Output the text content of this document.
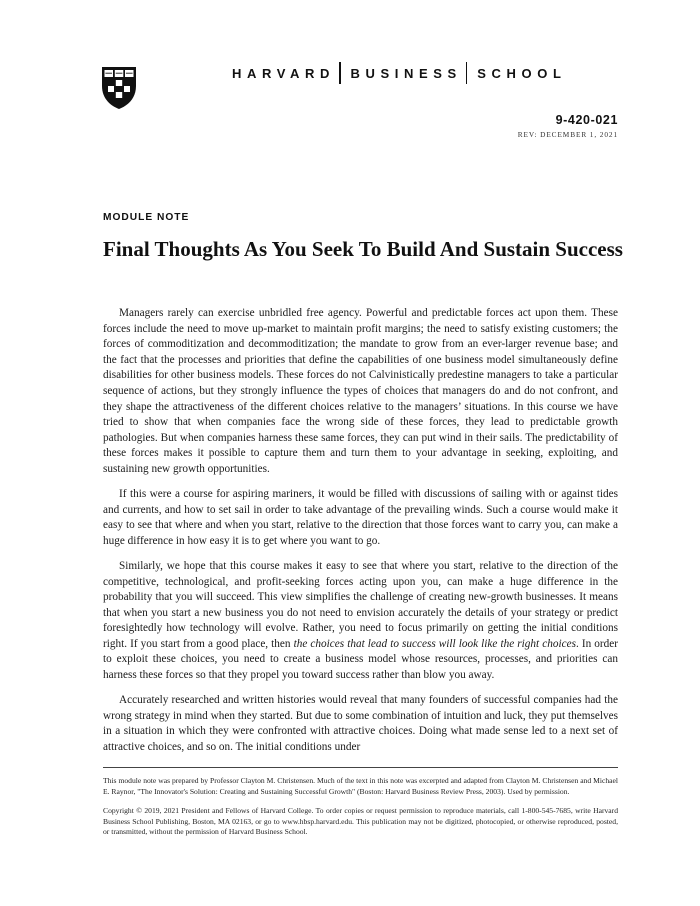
HARVARD BUSINESS SCHOOL
9-420-021
REV: DECEMBER 1, 2021
MODULE NOTE
Final Thoughts As You Seek To Build And Sustain Success

Managers rarely can exercise unbridled free agency. Powerful and predictable forces act upon them. These forces include the need to move up-market to maintain profit margins; the need to satisfy existing customers; the forces of commoditization and decommoditization; the mandate to grow from an ever-larger revenue base; and the fact that the processes and priorities that define the capabilities of one business model simultaneously define disabilities for other business models. These forces do not Calvinistically predestine managers to take a particular sequence of actions, but they strongly influence the types of choices that managers do and do not confront, and they shape the attractiveness of the different choices relative to the managers’ situations. In this course we have tried to show that when companies face the wrong side of these forces, they lead to predictable growth pathologies. But when companies harness these same forces, they can put wind in their sails. The predictability of these forces makes it possible to capture them and turn them to your advantage in seeking, exploiting, and sustaining new growth opportunities.

If this were a course for aspiring mariners, it would be filled with discussions of sailing with or against tides and currents, and how to set sail in order to take advantage of the prevailing winds. Such a course would make it easy to see that where and when you start, relative to the direction that those forces want to carry you, can make a huge difference in how easy it is to get where you want to go.

Similarly, we hope that this course makes it easy to see that where you start, relative to the direction of the competitive, technological, and profit-seeking forces acting upon you, can make a huge difference in the probability that you will succeed. This view simplifies the challenge of creating new-growth businesses. It means that when you start a new business you do not need to envision accurately the details of your strategy or predict foresightedly how technology will evolve. Rather, you need to focus primarily on getting the initial conditions right. If you start from a good place, then the choices that lead to success will look like the right choices. In order to exploit these choices, you need to create a business model whose resources, processes, and priorities can harness these forces so that they propel you toward success rather than blow you away.

Accurately researched and written histories would reveal that many founders of successful companies had the wrong strategy in mind when they started. But due to some combination of intuition and luck, they put themselves in a situation in which they were confronted with attractive choices. Doing what made sense led to a next set of attractive choices, and so on. The initial conditions under

This module note was prepared by Professor Clayton M. Christensen. Much of the text in this note was excerpted and adapted from Clayton M. Christensen and Michael E. Raynor, "The Innovator's Solution: Creating and Sustaining Successful Growth" (Boston: Harvard Business Review Press, 2003). Used by permission.

Copyright © 2019, 2021 President and Fellows of Harvard College. To order copies or request permission to reproduce materials, call 1-800-545-7685, write Harvard Business School Publishing, Boston, MA 02163, or go to www.hbsp.harvard.edu. This publication may not be digitized, photocopied, or otherwise reproduced, posted, or transmitted, without the permission of Harvard Business School.
